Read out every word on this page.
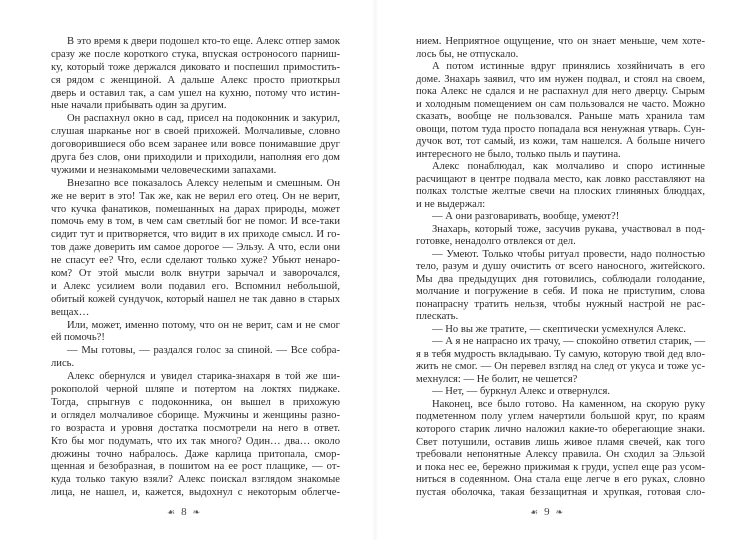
В это время к двери подошел кто-то еще. Алекс отпер замок
сразу же после короткого стука, впуская остроносого парниш-
ку, который тоже держался диковато и поспешил примостить-
ся рядом с женщиной. А дальше Алекс просто приоткрыл
дверь и оставил так, а сам ушел на кухню, потому что истин-
ные начали прибывать один за другим.
Он распахнул окно в сад, присел на подоконник и закурил,
слушая шарканье ног в своей прихожей. Молчаливые, словно
договорившиеся обо всем заранее или вовсе понимавшие друг
друга без слов, они приходили и приходили, наполняя его дом
чужими и незнакомыми человеческими запахами.
Внезапно все показалось Алексу нелепым и смешным. Он
же не верит в это! Так же, как не верил его отец. Он не верит,
что кучка фанатиков, помешанных на дарах природы, может
помочь ему в том, в чем сам светлый бог не помог. И все-таки
сидит тут и притворяется, что видит в их приходе смысл. И го-
тов даже доверить им самое дорогое — Эльзу. А что, если они
не спасут ее? Что, если сделают только хуже? Убьют ненаро-
ком? От этой мысли волк внутри зарычал и заворочался,
и Алекс усилием воли подавил его. Вспомнил небольшой,
обитый кожей сундучок, который нашел не так давно в старых
вещах…
Или, может, именно потому, что он не верит, сам и не смог
ей помочь?!
— Мы готовы, — раздался голос за спиной. — Все собра-
лись.
Алекс обернулся и увидел старика-знахаря в той же ши-
рокополой черной шляпе и потертом на локтях пиджаке.
Тогда, спрыгнув с подоконника, он вышел в прихожую
и оглядел молчаливое сборище. Мужчины и женщины разно-
го возраста и уровня достатка посмотрели на него в ответ.
Кто бы мог подумать, что их так много? Один… два… около
дюжины точно набралось. Даже карлица притопала, смор-
щенная и безобразная, в пошитом на ее рост плащике, — от-
куда только такую взяли? Алекс поискал взглядом знакомые
лица, не нашел, и, кажется, выдохнул с некоторым облегче-
☙ 8 ❧
нием. Неприятное ощущение, что он знает меньше, чем хоте-
лось бы, не отпускало.
А потом истинные вдруг принялись хозяйничать в его
доме. Знахарь заявил, что им нужен подвал, и стоял на своем,
пока Алекс не сдался и не распахнул для него дверцу. Сырым
и холодным помещением он сам пользовался не часто. Можно
сказать, вообще не пользовался. Раньше мать хранила там
овощи, потом туда просто попадала вся ненужная утварь. Сун-
дучок вот, тот самый, из кожи, там нашелся. А больше ничего
интересного не было, только пыль и паутина.
Алекс понаблюдал, как молчаливо и споро истинные
расчищают в центре подвала место, как ловко расставляют на
полках толстые желтые свечи на плоских глиняных блюдцах,
и не выдержал:
— А они разговаривать, вообще, умеют?!
Знахарь, который тоже, засучив рукава, участвовал в под-
готовке, ненадолго отвлекся от дел.
— Умеют. Только чтобы ритуал провести, надо полностью
тело, разум и душу очистить от всего наносного, житейского.
Мы два предыдущих дня готовились, соблюдали голодание,
молчание и погружение в себя. И пока не приступим, слова
понапрасну тратить нельзя, чтобы нужный настрой не рас-
плескать.
— Но вы же тратите, — скептически усмехнулся Алекс.
— А я не напрасно их трачу, — спокойно ответил старик, —
я в тебя мудрость вкладываю. Ту самую, которую твой дед вло-
жить не смог. — Он перевел взгляд на след от укуса и тоже ус-
мехнулся: — Не болит, не чешется?
— Нет, — буркнул Алекс и отвернулся.
Наконец, все было готово. На каменном, на скорую руку
подметенном полу углем начертили большой круг, по краям
которого старик лично наложил какие-то оберегающие знаки.
Свет потушили, оставив лишь живое пламя свечей, как того
требовали непонятные Алексу правила. Он сходил за Эльзой
и пока нес ее, бережно прижимая к груди, успел еще раз усом-
ниться в содеянном. Она стала еще легче в его руках, словно
пустая оболочка, такая беззащитная и хрупкая, готовая сло-
☙ 9 ❧
